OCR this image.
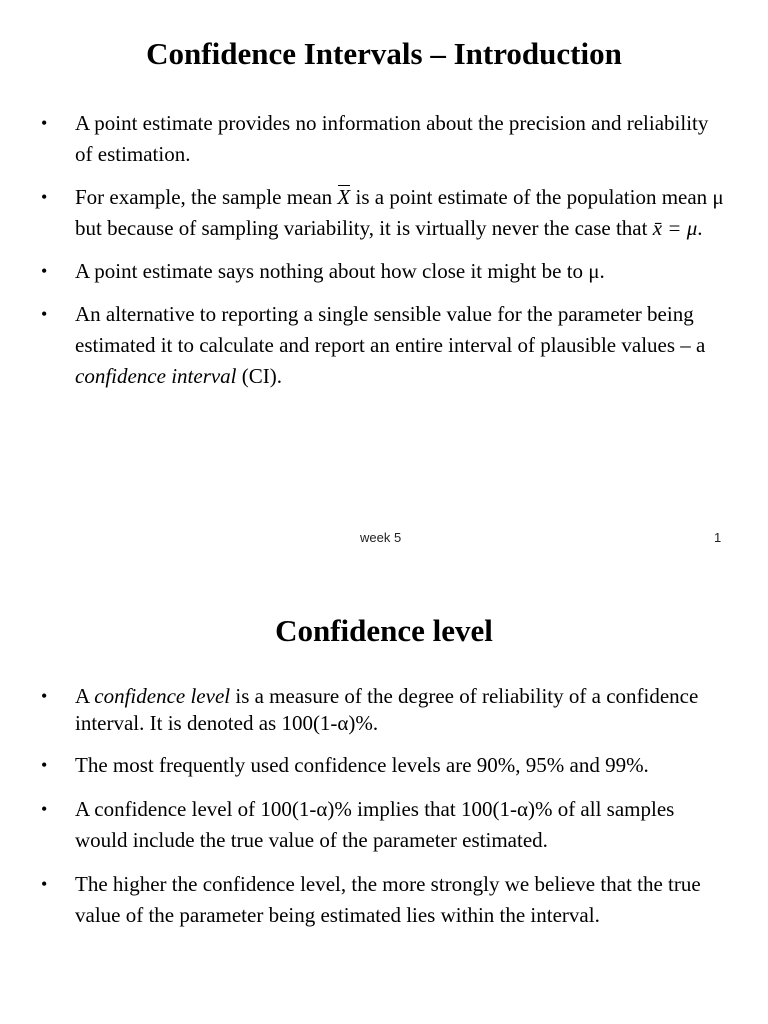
Confidence Intervals – Introduction
• A point estimate provides no information about the precision and reliability of estimation.
• For example, the sample mean X is a point estimate of the population mean μ but because of sampling variability, it is virtually never the case that x̄ = μ.
• A point estimate says nothing about how close it might be to μ.
• An alternative to reporting a single sensible value for the parameter being estimated it to calculate and report an entire interval of plausible values – a confidence interval (CI).
week 5	1
Confidence level
• A confidence level is a measure of the degree of reliability of a confidence interval. It is denoted as 100(1-α)%.
• The most frequently used confidence levels are 90%, 95% and 99%.
• A confidence level of 100(1-α)% implies that 100(1-α)% of all samples would include the true value of the parameter estimated.
• The higher the confidence level, the more strongly we believe that the true value of the parameter being estimated lies within the interval.
